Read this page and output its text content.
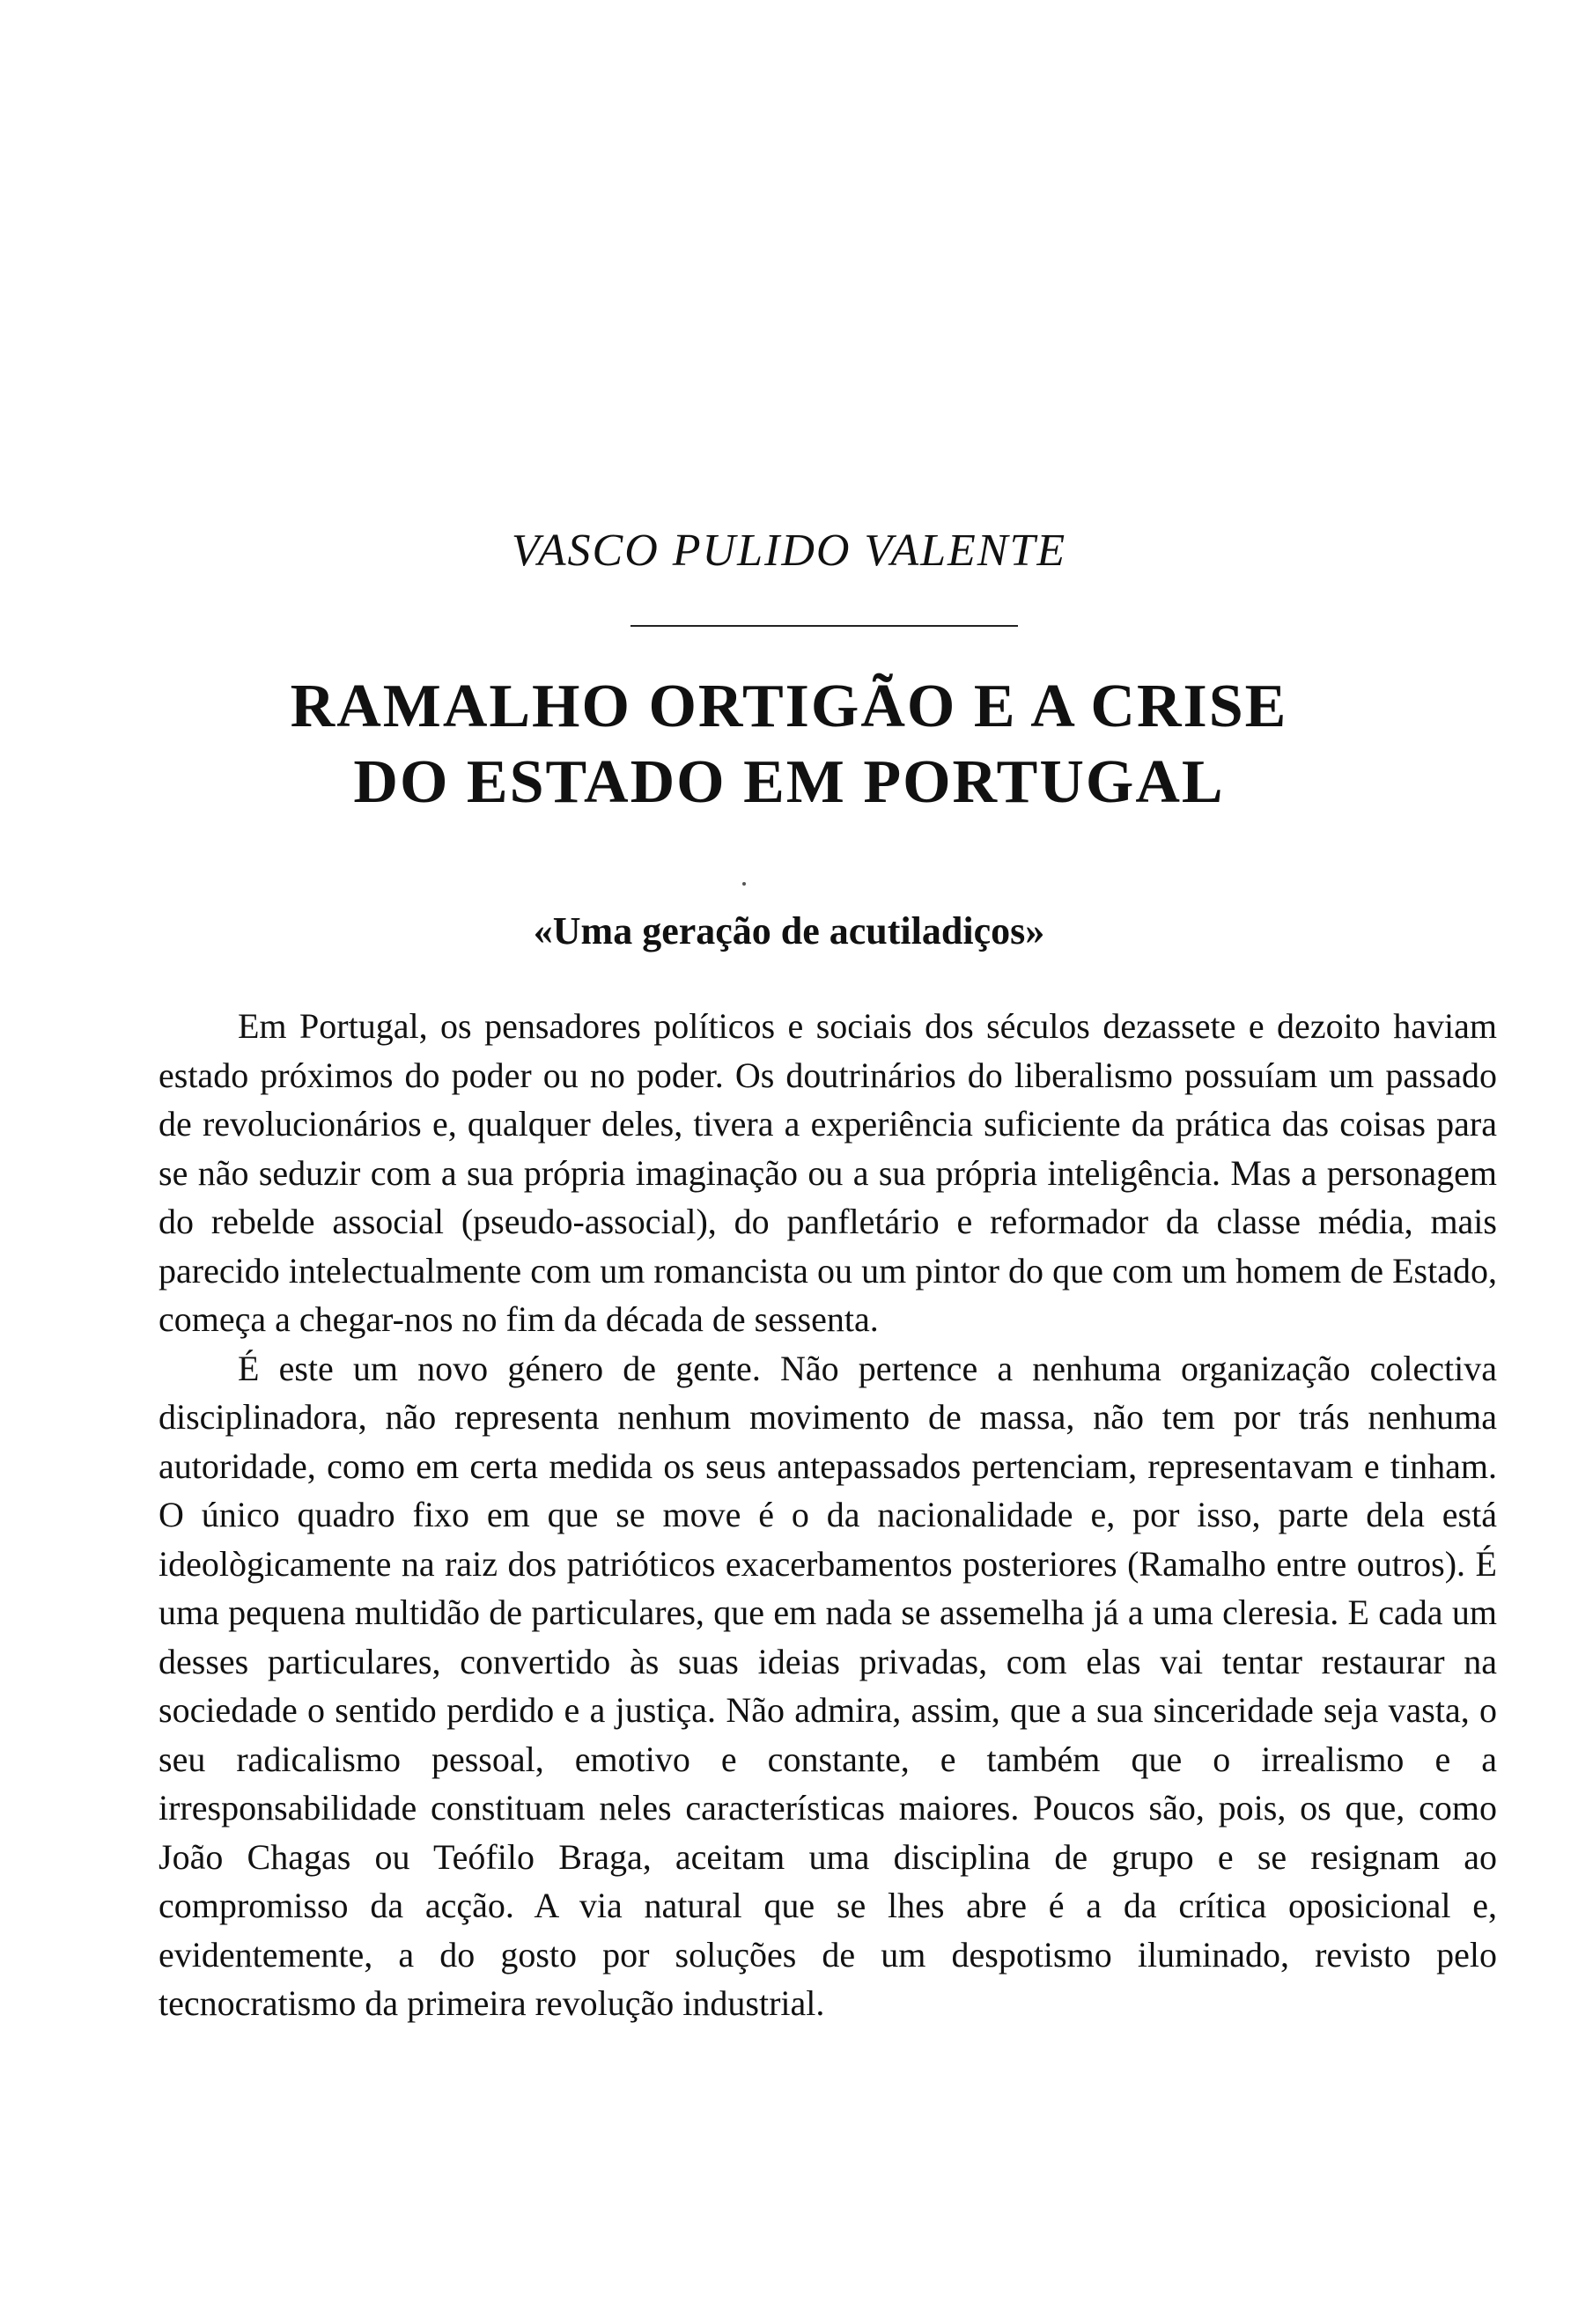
VASCO PULIDO VALENTE
RAMALHO ORTIGÃO E A CRISE
DO ESTADO EM PORTUGAL
«Uma geração de acutiladiços»

Em Portugal, os pensadores políticos e sociais dos séculos dezassete e dezoito haviam estado próximos do poder ou no poder. Os doutrinários do liberalismo possuíam um passado de revolucionários e, qualquer deles, tivera a experiência suficiente da prática das coisas para se não seduzir com a sua própria imaginação ou a sua própria inteligência. Mas a personagem do rebelde associal (pseudo-associal), do panfletário e reformador da classe média, mais parecido intelectualmente com um romancista ou um pintor do que com um homem de Estado, começa a chegar-nos no fim da década de sessenta.

É este um novo género de gente. Não pertence a nenhuma organização colectiva disciplinadora, não representa nenhum movimento de massa, não tem por trás nenhuma autoridade, como em certa medida os seus antepassados pertenciam, representavam e tinham. O único quadro fixo em que se move é o da nacionalidade e, por isso, parte dela está ideològicamente na raiz dos patrióticos exacerbamentos posteriores (Ramalho entre outros). É uma pequena multidão de particulares, que em nada se assemelha já a uma cleresia. E cada um desses particulares, convertido às suas ideias privadas, com elas vai tentar restaurar na sociedade o sentido perdido e a justiça. Não admira, assim, que a sua sinceridade seja vasta, o seu radicalismo pessoal, emotivo e constante, e também que o irrealismo e a irresponsabilidade constituam neles características maiores. Poucos são, pois, os que, como João Chagas ou Teófilo Braga, aceitam uma disciplina de grupo e se resignam ao compromisso da acção. A via natural que se lhes abre é a da crítica oposicional e, evidentemente, a do gosto por soluções de um despotismo iluminado, revisto pelo tecnocratismo da primeira revolução industrial.
